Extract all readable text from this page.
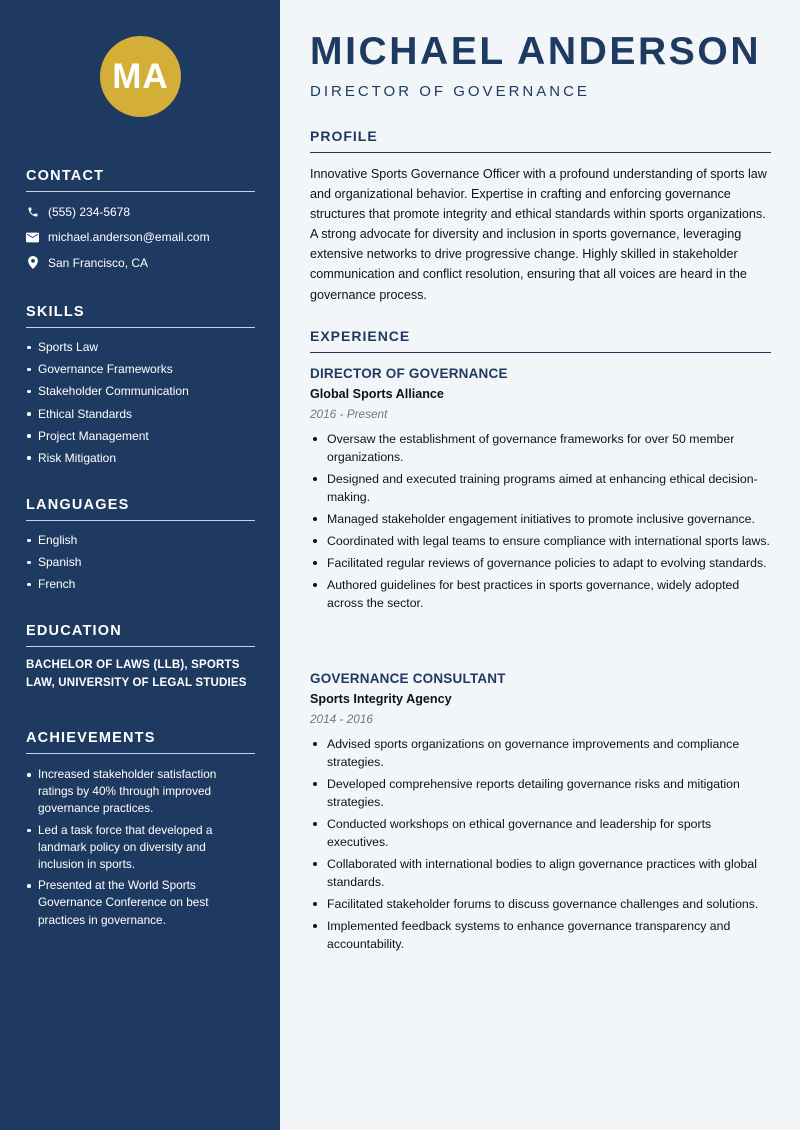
MA
CONTACT
(555) 234-5678
michael.anderson@email.com
San Francisco, CA
SKILLS
Sports Law
Governance Frameworks
Stakeholder Communication
Ethical Standards
Project Management
Risk Mitigation
LANGUAGES
English
Spanish
French
EDUCATION
BACHELOR OF LAWS (LLB), SPORTS LAW, UNIVERSITY OF LEGAL STUDIES
ACHIEVEMENTS
Increased stakeholder satisfaction ratings by 40% through improved governance practices.
Led a task force that developed a landmark policy on diversity and inclusion in sports.
Presented at the World Sports Governance Conference on best practices in governance.
MICHAEL ANDERSON
DIRECTOR OF GOVERNANCE
PROFILE
Innovative Sports Governance Officer with a profound understanding of sports law and organizational behavior. Expertise in crafting and enforcing governance structures that promote integrity and ethical standards within sports organizations. A strong advocate for diversity and inclusion in sports governance, leveraging extensive networks to drive progressive change. Highly skilled in stakeholder communication and conflict resolution, ensuring that all voices are heard in the governance process.
EXPERIENCE
DIRECTOR OF GOVERNANCE
Global Sports Alliance
2016 - Present
Oversaw the establishment of governance frameworks for over 50 member organizations.
Designed and executed training programs aimed at enhancing ethical decision-making.
Managed stakeholder engagement initiatives to promote inclusive governance.
Coordinated with legal teams to ensure compliance with international sports laws.
Facilitated regular reviews of governance policies to adapt to evolving standards.
Authored guidelines for best practices in sports governance, widely adopted across the sector.
GOVERNANCE CONSULTANT
Sports Integrity Agency
2014 - 2016
Advised sports organizations on governance improvements and compliance strategies.
Developed comprehensive reports detailing governance risks and mitigation strategies.
Conducted workshops on ethical governance and leadership for sports executives.
Collaborated with international bodies to align governance practices with global standards.
Facilitated stakeholder forums to discuss governance challenges and solutions.
Implemented feedback systems to enhance governance transparency and accountability.
